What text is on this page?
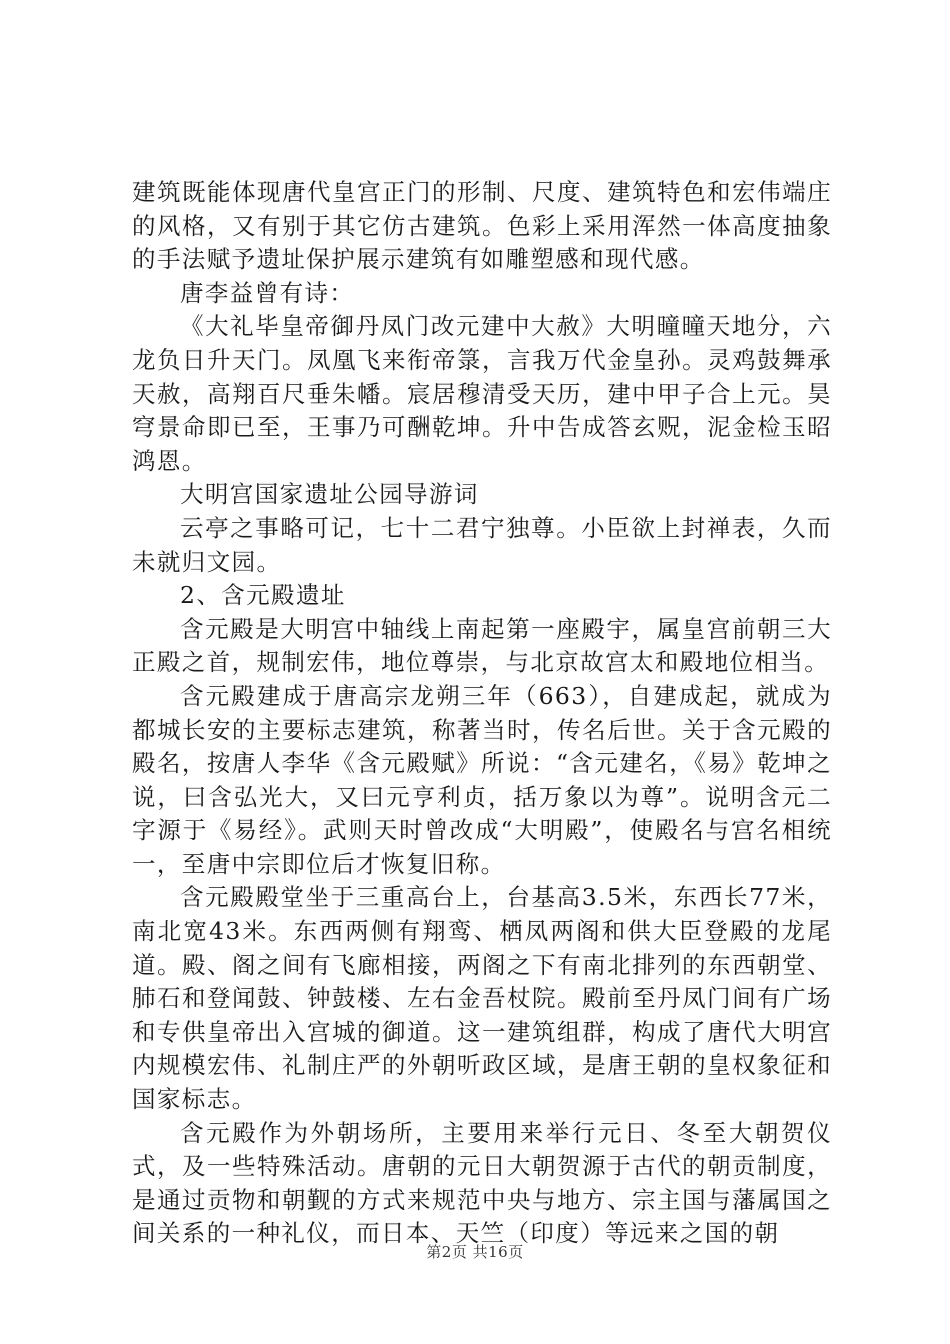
建筑既能体现唐代皇宫正门的形制、尺度、建筑特色和宏伟端庄的风格，又有别于其它仿古建筑。色彩上采用浑然一体高度抽象的手法赋予遗址保护展示建筑有如雕塑感和现代感。

唐李益曾有诗：

《大礼毕皇帝御丹凤门改元建中大赦》大明曈曈天地分，六龙负日升天门。凤凰飞来衔帝箓，言我万代金皇孙。灵鸡鼓舞承天赦，高翔百尺垂朱幡。宸居穆清受天历，建中甲子合上元。昊穹景命即已至，王事乃可酬乾坤。升中告成答玄贶，泥金检玉昭鸿恩。

大明宫国家遗址公园导游词

云亭之事略可记，七十二君宁独尊。小臣欲上封禅表，久而未就归文园。

2、含元殿遗址

含元殿是大明宫中轴线上南起第一座殿宇，属皇宫前朝三大正殿之首，规制宏伟，地位尊崇，与北京故宫太和殿地位相当。

含元殿建成于唐高宗龙朔三年（663），自建成起，就成为都城长安的主要标志建筑，称著当时，传名后世。关于含元殿的殿名，按唐人李华《含元殿赋》所说：“含元建名，《易》乾坤之说，曰含弘光大，又曰元亨利贞，括万象以为尊”。说明含元二字源于《易经》。武则天时曾改成“大明殿”，使殿名与宫名相统一，至唐中宗即位后才恢复旧称。

含元殿殿堂坐于三重高台上，台基高3.5米，东西长77米，南北宽43米。东西两侧有翔鸾、栖凤两阁和供大臣登殿的龙尾道。殿、阁之间有飞廊相接，两阁之下有南北排列的东西朝堂、肺石和登闻鼓、钟鼓楼、左右金吾杖院。殿前至丹凤门间有广场和专供皇帝出入宫城的御道。这一建筑组群，构成了唐代大明宫内规模宏伟、礼制庄严的外朝听政区域，是唐王朝的皇权象征和国家标志。

含元殿作为外朝场所，主要用来举行元日、冬至大朝贺仪式，及一些特殊活动。唐朝的元日大朝贺源于古代的朝贡制度，是通过贡物和朝觐的方式来规范中央与地方、宗主国与藩属国之间关系的一种礼仪，而日本、天竺（印度）等远来之国的朝

第2页 共16页
